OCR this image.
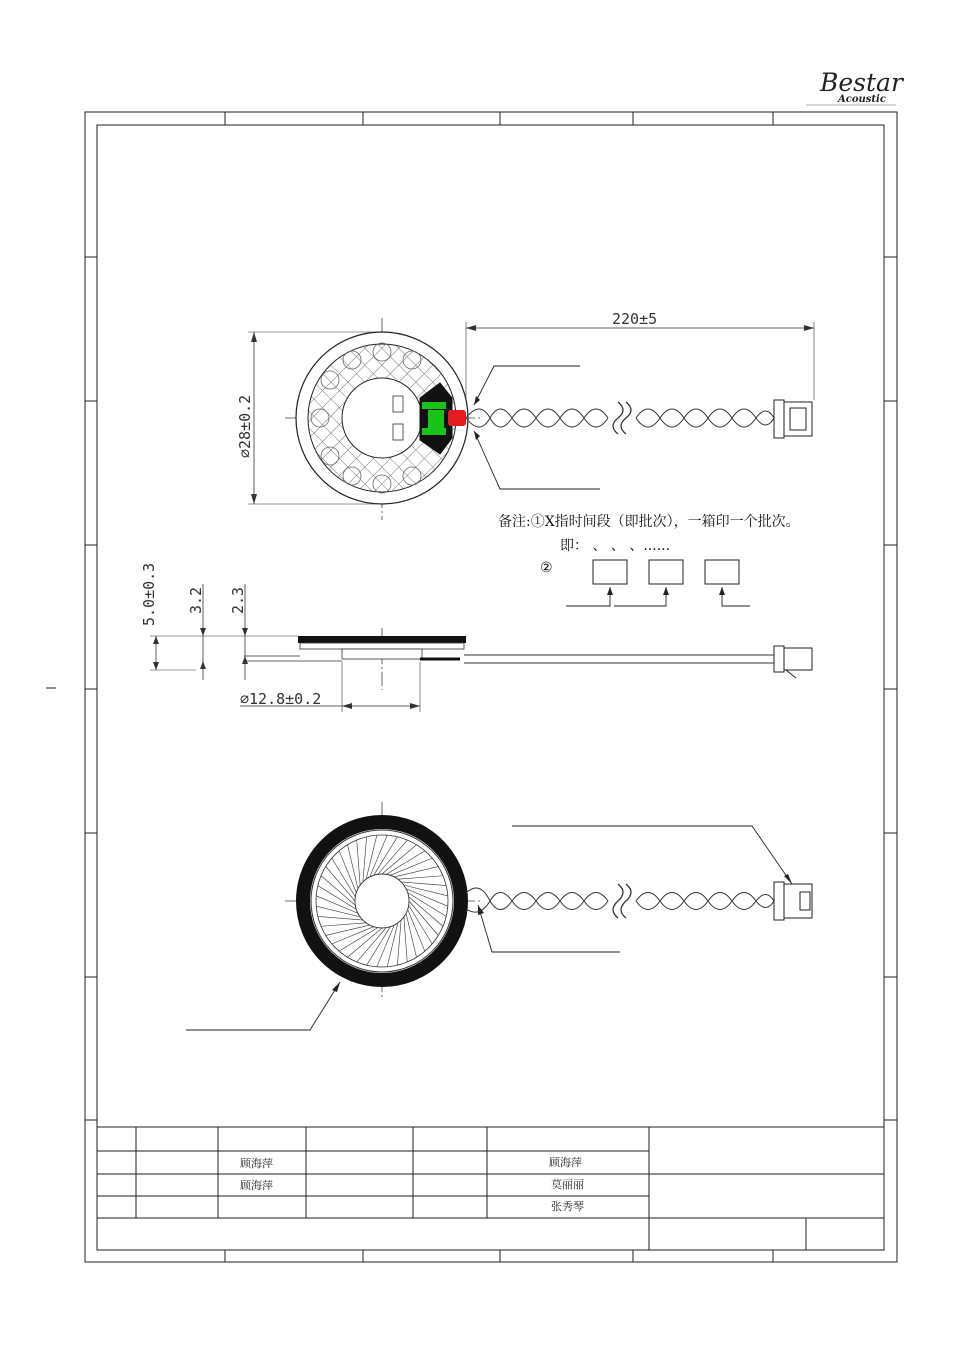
Bestar
Acoustic
220±5
⌀28±0.2
备注:①X指时间段（即批次），一箱印一个批次。
即： 、 、 、......
②
5.0±0.3 3.2 2.3
⌀12.8±0.2
顾海萍	顾海萍
顾海萍	莫丽丽
张秀琴
